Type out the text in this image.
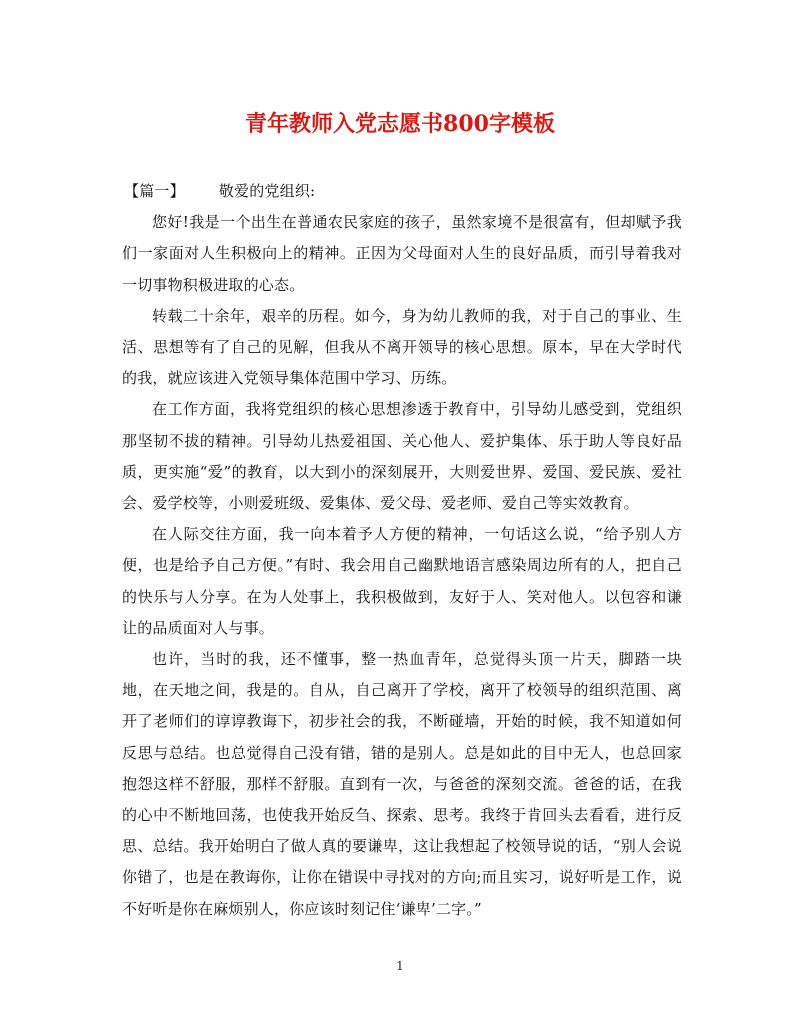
青年教师入党志愿书800字模板

【篇一】 敬爱的党组织:

您好!我是一个出生在普通农民家庭的孩子，虽然家境不是很富有，但却赋予我们一家面对人生积极向上的精神。正因为父母面对人生的良好品质，而引导着我对一切事物积极进取的心态。

转载二十余年，艰辛的历程。如今，身为幼儿教师的我，对于自己的事业、生活、思想等有了自己的见解，但我从不离开领导的核心思想。原本，早在大学时代的我，就应该进入党领导集体范围中学习、历练。

在工作方面，我将党组织的核心思想渗透于教育中，引导幼儿感受到，党组织那坚韧不拔的精神。引导幼儿热爱祖国、关心他人、爱护集体、乐于助人等良好品质，更实施“爱”的教育，以大到小的深刻展开，大则爱世界、爱国、爱民族、爱社会、爱学校等，小则爱班级、爱集体、爱父母、爱老师、爱自己等实效教育。

在人际交往方面，我一向本着予人方便的精神，一句话这么说，“给予别人方便，也是给予自己方便。”有时、我会用自己幽默地语言感染周边所有的人，把自己的快乐与人分享。在为人处事上，我积极做到，友好于人、笑对他人。以包容和谦让的品质面对人与事。

也许，当时的我，还不懂事，整一热血青年，总觉得头顶一片天，脚踏一块地，在天地之间，我是的。自从，自己离开了学校，离开了校领导的组织范围、离开了老师们的谆谆教诲下，初步社会的我，不断碰墙，开始的时候，我不知道如何反思与总结。也总觉得自己没有错，错的是别人。总是如此的目中无人，也总回家抱怨这样不舒服，那样不舒服。直到有一次，与爸爸的深刻交流。爸爸的话，在我的心中不断地回荡，也使我开始反刍、探索、思考。我终于肯回头去看看，进行反思、总结。我开始明白了做人真的要谦卑，这让我想起了校领导说的话，“别人会说你错了，也是在教诲你，让你在错误中寻找对的方向;而且实习，说好听是工作，说不好听是你在麻烦别人，你应该时刻记住‘谦卑’二字。”

1
